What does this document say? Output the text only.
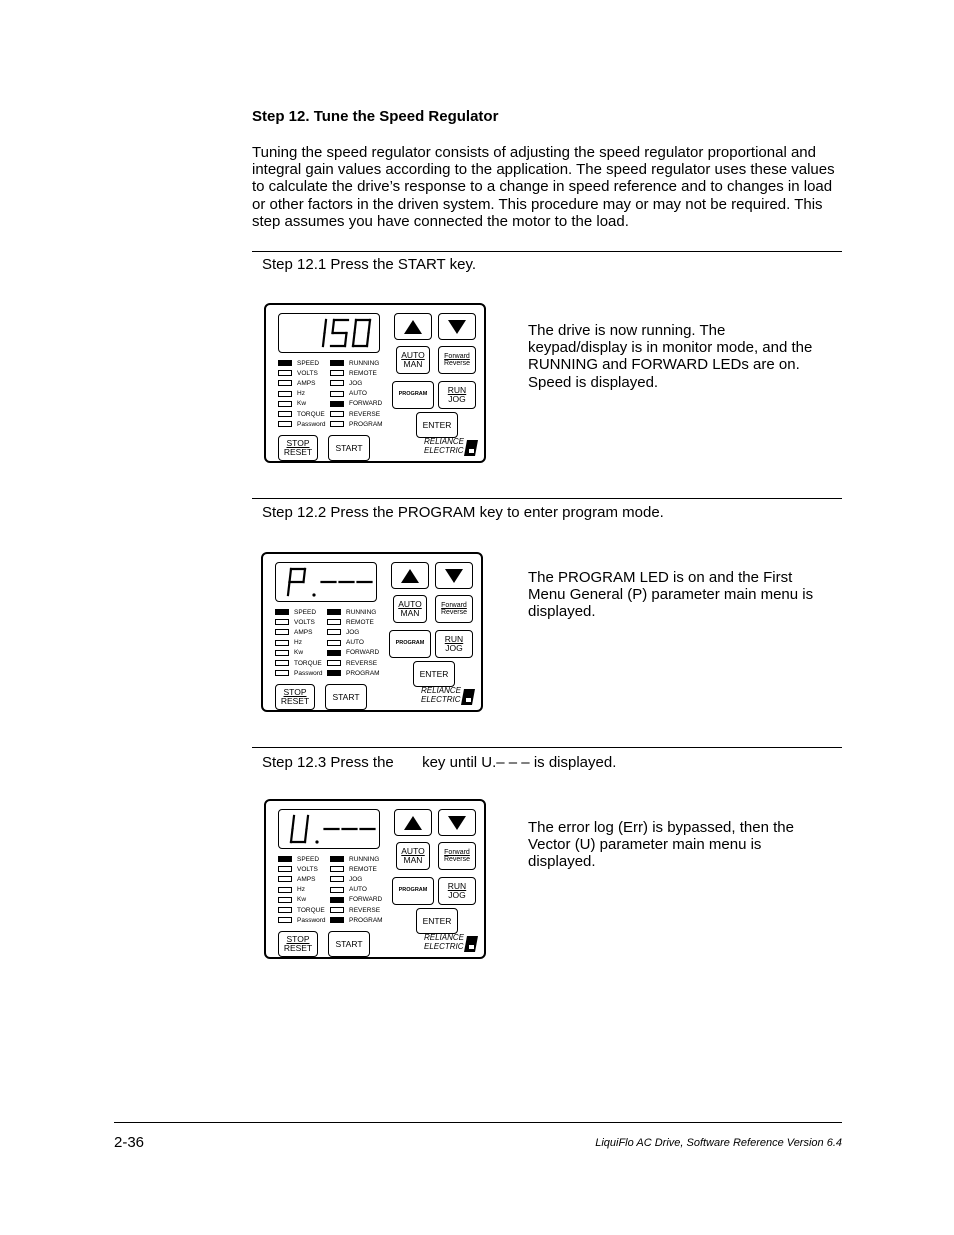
Step 12. Tune the Speed Regulator
Tuning the speed regulator consists of adjusting the speed regulator proportional and integral gain values according to the application. The speed regulator uses these values to calculate the drive’s response to a change in speed reference and to changes in load or other factors in the driven system. This procedure may or may not be required. This step assumes you have connected the motor to the load.
Step 12.1 Press the START key.
AUTO
MAN
Forward
Reverse
PROGRAM RUN
JOG
ENTER
STOP
RESET	START
SPEED
VOLTS
AMPS
Hz
Kw
TORQUE
Password
RUNNING
REMOTE
JOG
AUTO
FORWARD
REVERSE
PROGRAM
RELIANCE
ELECTRIC
The drive is now running. The keypad/display is in monitor mode, and the RUNNING and FORWARD LEDs are on. Speed is displayed.
Step 12.2 Press the PROGRAM key to enter program mode.
AUTO
MAN
Forward
Reverse
PROGRAM RUN
JOG
ENTER
STOP
RESET	START
SPEED
VOLTS
AMPS
Hz
Kw
TORQUE
Password
RUNNING
REMOTE
JOG
AUTO
FORWARD
REVERSE
PROGRAM
RELIANCE
ELECTRIC
The PROGRAM LED is on and the First Menu General (P) parameter main menu is displayed.
Step 12.3 Press the key until U.– – – is displayed.
AUTO
MAN
Forward
Reverse
PROGRAM RUN
JOG
ENTER
STOP
RESET	START
SPEED
VOLTS
AMPS
Hz
Kw
TORQUE
Password
RUNNING
REMOTE
JOG
AUTO
FORWARD
REVERSE
PROGRAM
RELIANCE
ELECTRIC
The error log (Err) is bypassed, then the Vector (U) parameter main menu is displayed.
2-36	LiquiFlo AC Drive, Software Reference Version 6.4
